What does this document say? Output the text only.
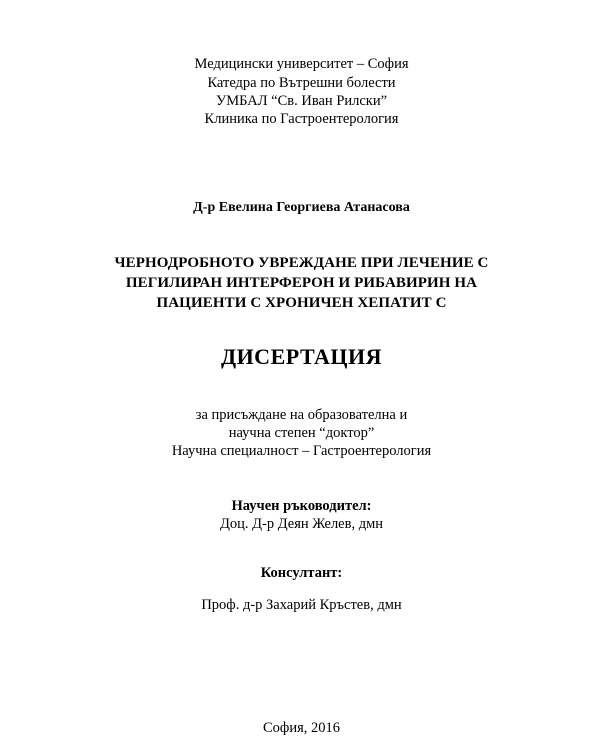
Медицински университет – София
Катедра по Вътрешни болести
УМБАЛ “Св. Иван Рилски”
Клиника по Гастроентерология
Д-р Евелина Георгиева Атанасова
ЧЕРНОДРОБНОТО УВРЕЖДАНЕ ПРИ ЛЕЧЕНИЕ С
ПЕГИЛИРАН ИНТЕРФЕРОН И РИБАВИРИН НА
ПАЦИЕНТИ С ХРОНИЧЕН ХЕПАТИТ С
ДИСЕРТАЦИЯ
за присъждане на образователна и
научна степен “доктор”
Научна специалност – Гастроентерология
Научен ръководител:
Доц. Д-р Деян Желев, дмн
Консултант:
Проф. д-р Захарий Кръстев, дмн
София, 2016
